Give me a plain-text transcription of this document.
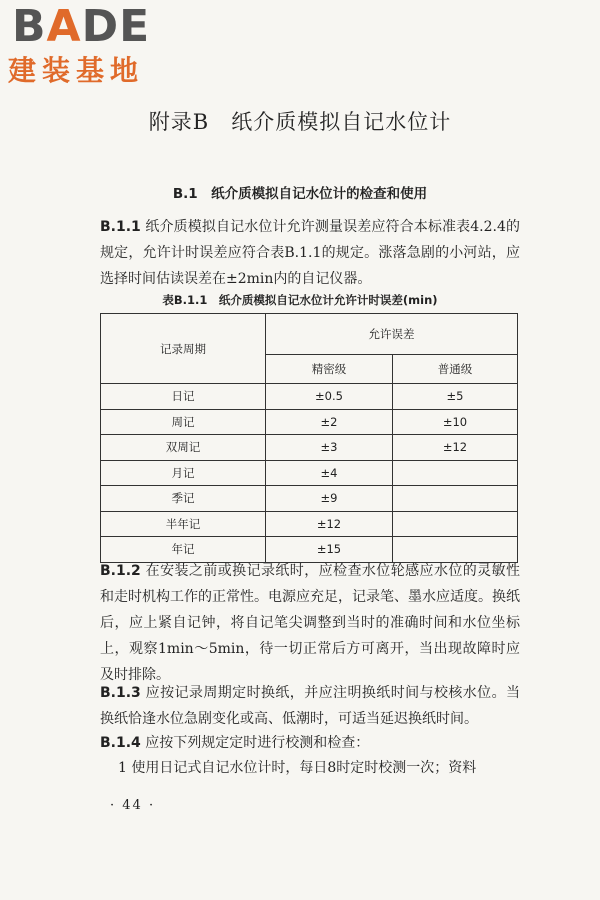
BADE
建装基地
附录B　纸介质模拟自记水位计
B.1　纸介质模拟自记水位计的检查和使用
B.1.1 纸介质模拟自记水位计允许测量误差应符合本标准表4.2.4的规定，允许计时误差应符合表B.1.1的规定。涨落急剧的小河站，应选择时间估读误差在±2min内的自记仪器。
表B.1.1　纸介质模拟自记水位计允许计时误差(min)
记录周期	允许误差	
	精密级	普通级
日记	±0.5	±5
周记	±2	±10
双周记	±3	±12
月记	±4	
季记	±9	
半年记	±12	
年记	±15	
B.1.2 在安装之前或换记录纸时，应检查水位轮感应水位的灵敏性和走时机构工作的正常性。电源应充足，记录笔、墨水应适度。换纸后，应上紧自记钟，将自记笔尖调整到当时的准确时间和水位坐标上，观察1min～5min，待一切正常后方可离开，当出现故障时应及时排除。
B.1.3 应按记录周期定时换纸，并应注明换纸时间与校核水位。当换纸恰逢水位急剧变化或高、低潮时，可适当延迟换纸时间。
B.1.4 应按下列规定定时进行校测和检查：
1 使用日记式自记水位计时，每日8时定时校测一次；资料
· 44 ·
